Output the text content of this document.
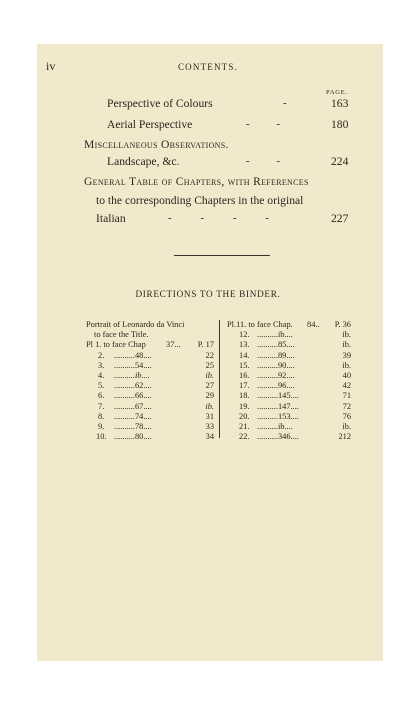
iv	CONTENTS.
PAGE.
Perspective of Colours	-	163
Aerial Perspective	- -	180
Miscellaneous Observations.
Landscape, &c.	- -	224
General Table of Chapters, with References
to the corresponding Chapters in the original
Italian	- - - -	227
DIRECTIONS TO THE BINDER.
Portrait of Leonardo da Vinci
to face the Title.
Pl 1. to face Chap 37... P. 17
2. ..........48....	22
3. ..........54....	25
4. ..........ib....	ib.
5. ..........62....	27
6. ..........66....	29
7. ..........67....	ib.
8. ..........74....	31
9. ..........78....	33
10. ..........80....	34
Pl.11. to face Chap. 84.. P. 36
12. ..........ib....	ib.
13. ..........85....	ib.
14. ..........89....	39
15. ..........90....	ib.
16. ..........92....	40
17. ..........96....	42
18. ..........145....	71
19. ..........147....	72
20. ..........153....	76
21. ..........ib....	ib.
22. ..........346....	212
